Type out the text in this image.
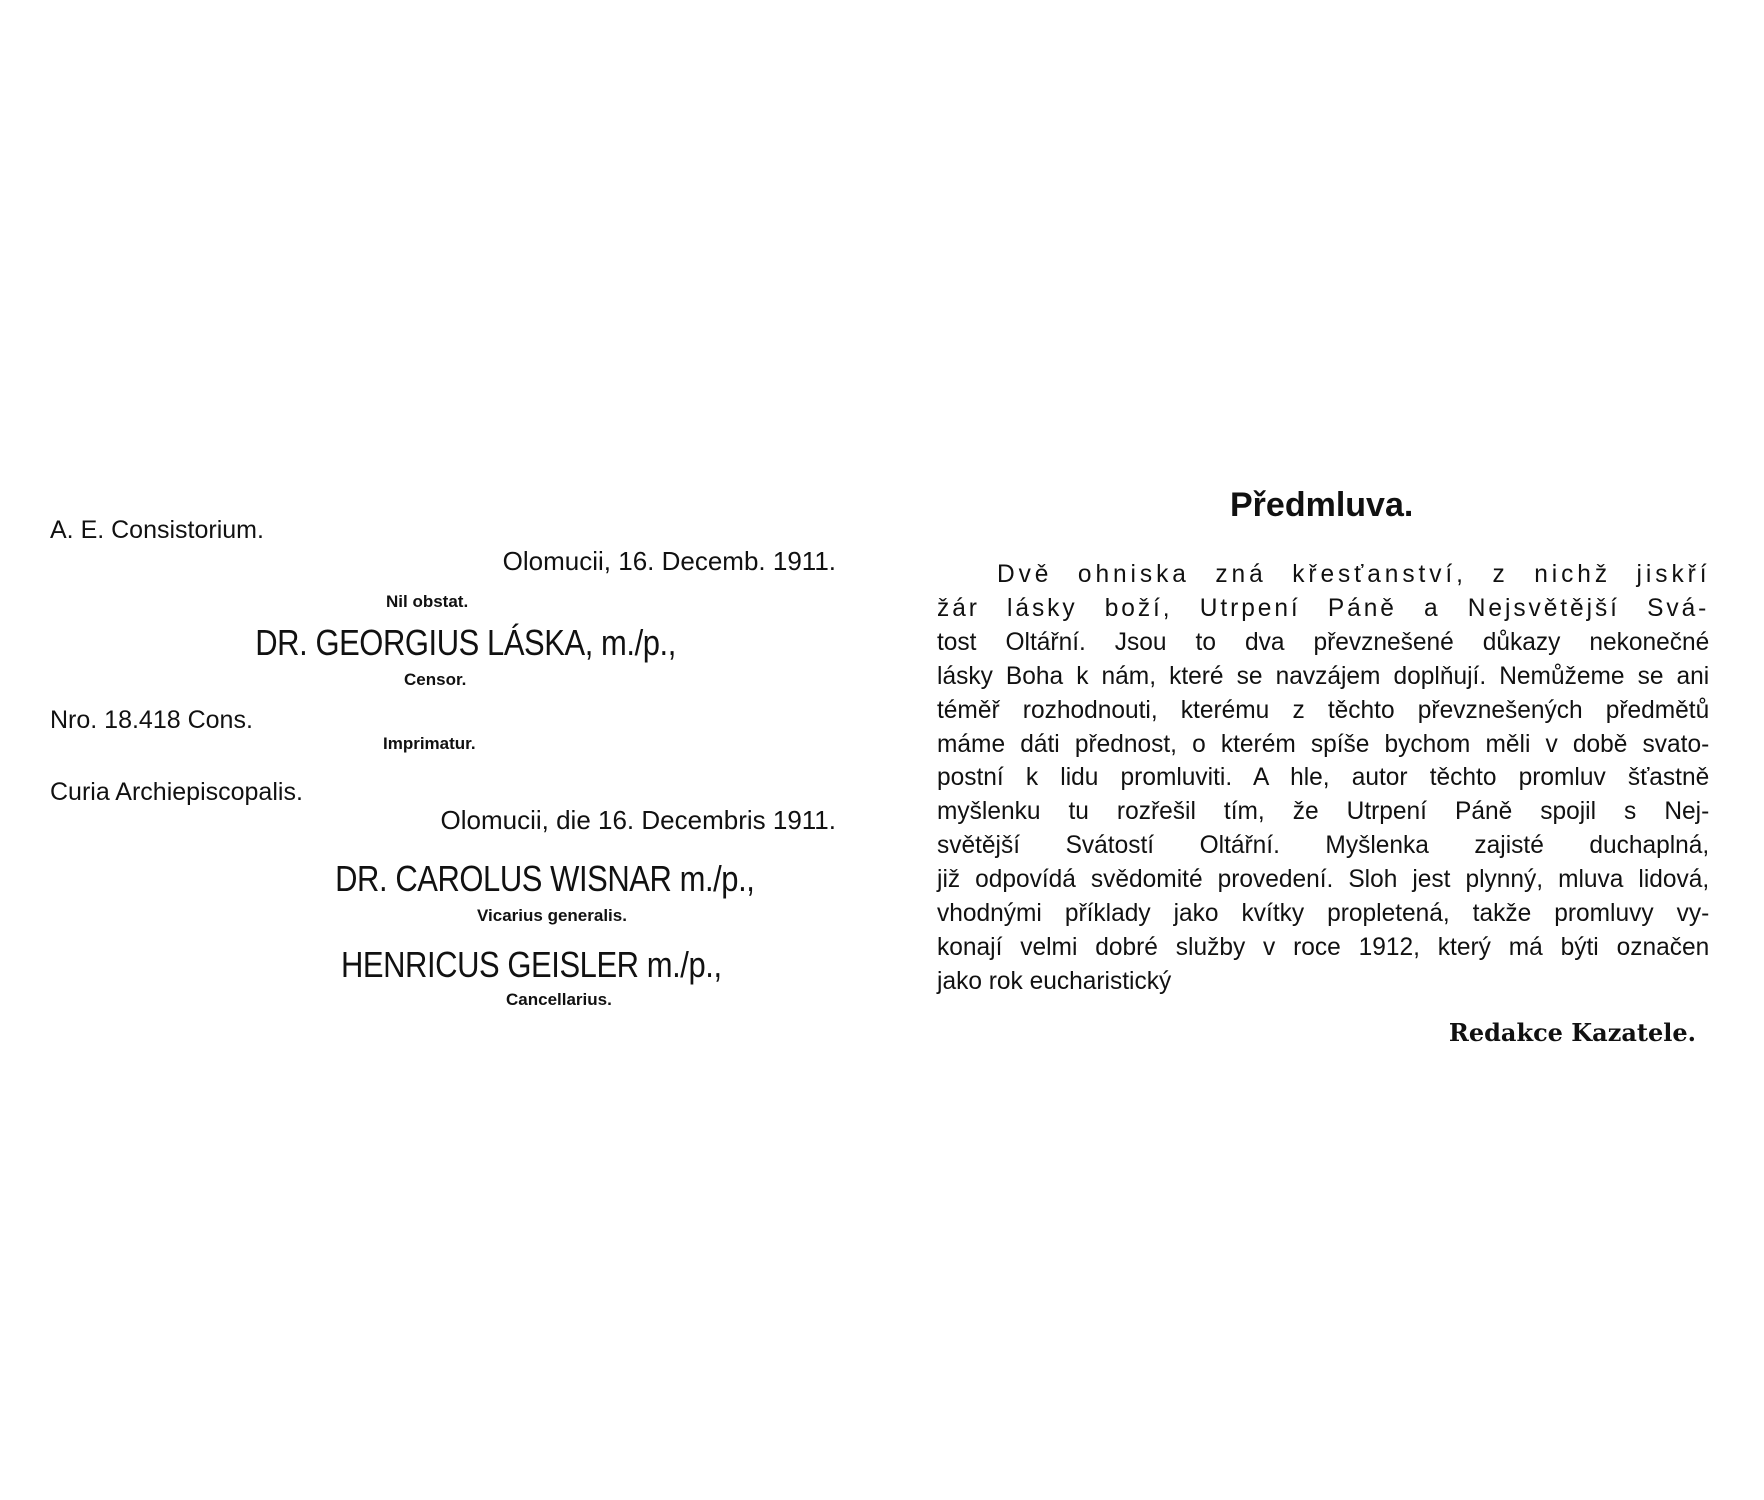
A. E. Consistorium.
Olomucii, 16. Decemb. 1911.
Nil obstat.
DR. GEORGIUS LÁSKA, m./p.,
Censor.
Nro. 18.418 Cons.
Imprimatur.
Curia Archiepiscopalis.
Olomucii, die 16. Decembris 1911.
DR. CAROLUS WISNAR m./p.,
Vicarius generalis.
HENRICUS GEISLER m./p.,
Cancellarius.
Předmluva.
Dvě ohniska zná křesťanství, z nichž jiskří
žár lásky boží, Utrpení Páně a Nejsvětější Svá-
tost Oltářní. Jsou to dva převznešené důkazy nekonečné
lásky Boha k nám, které se navzájem doplňují. Nemůžeme se ani
téměř rozhodnouti, kterému z těchto převznešených předmětů
máme dáti přednost, o kterém spíše bychom měli v době svato-
postní k lidu promluviti. A hle, autor těchto promluv šťastně
myšlenku tu rozřešil tím, že Utrpení Páně spojil s Nej-
světější Svátostí Oltářní. Myšlenka zajisté duchaplná,
již odpovídá svědomité provedení. Sloh jest plynný, mluva lidová,
vhodnými příklady jako kvítky propletená, takže promluvy vy-
konají velmi dobré služby v roce 1912, který má býti označen
jako rok eucharistický
Redakce Kazatele.
